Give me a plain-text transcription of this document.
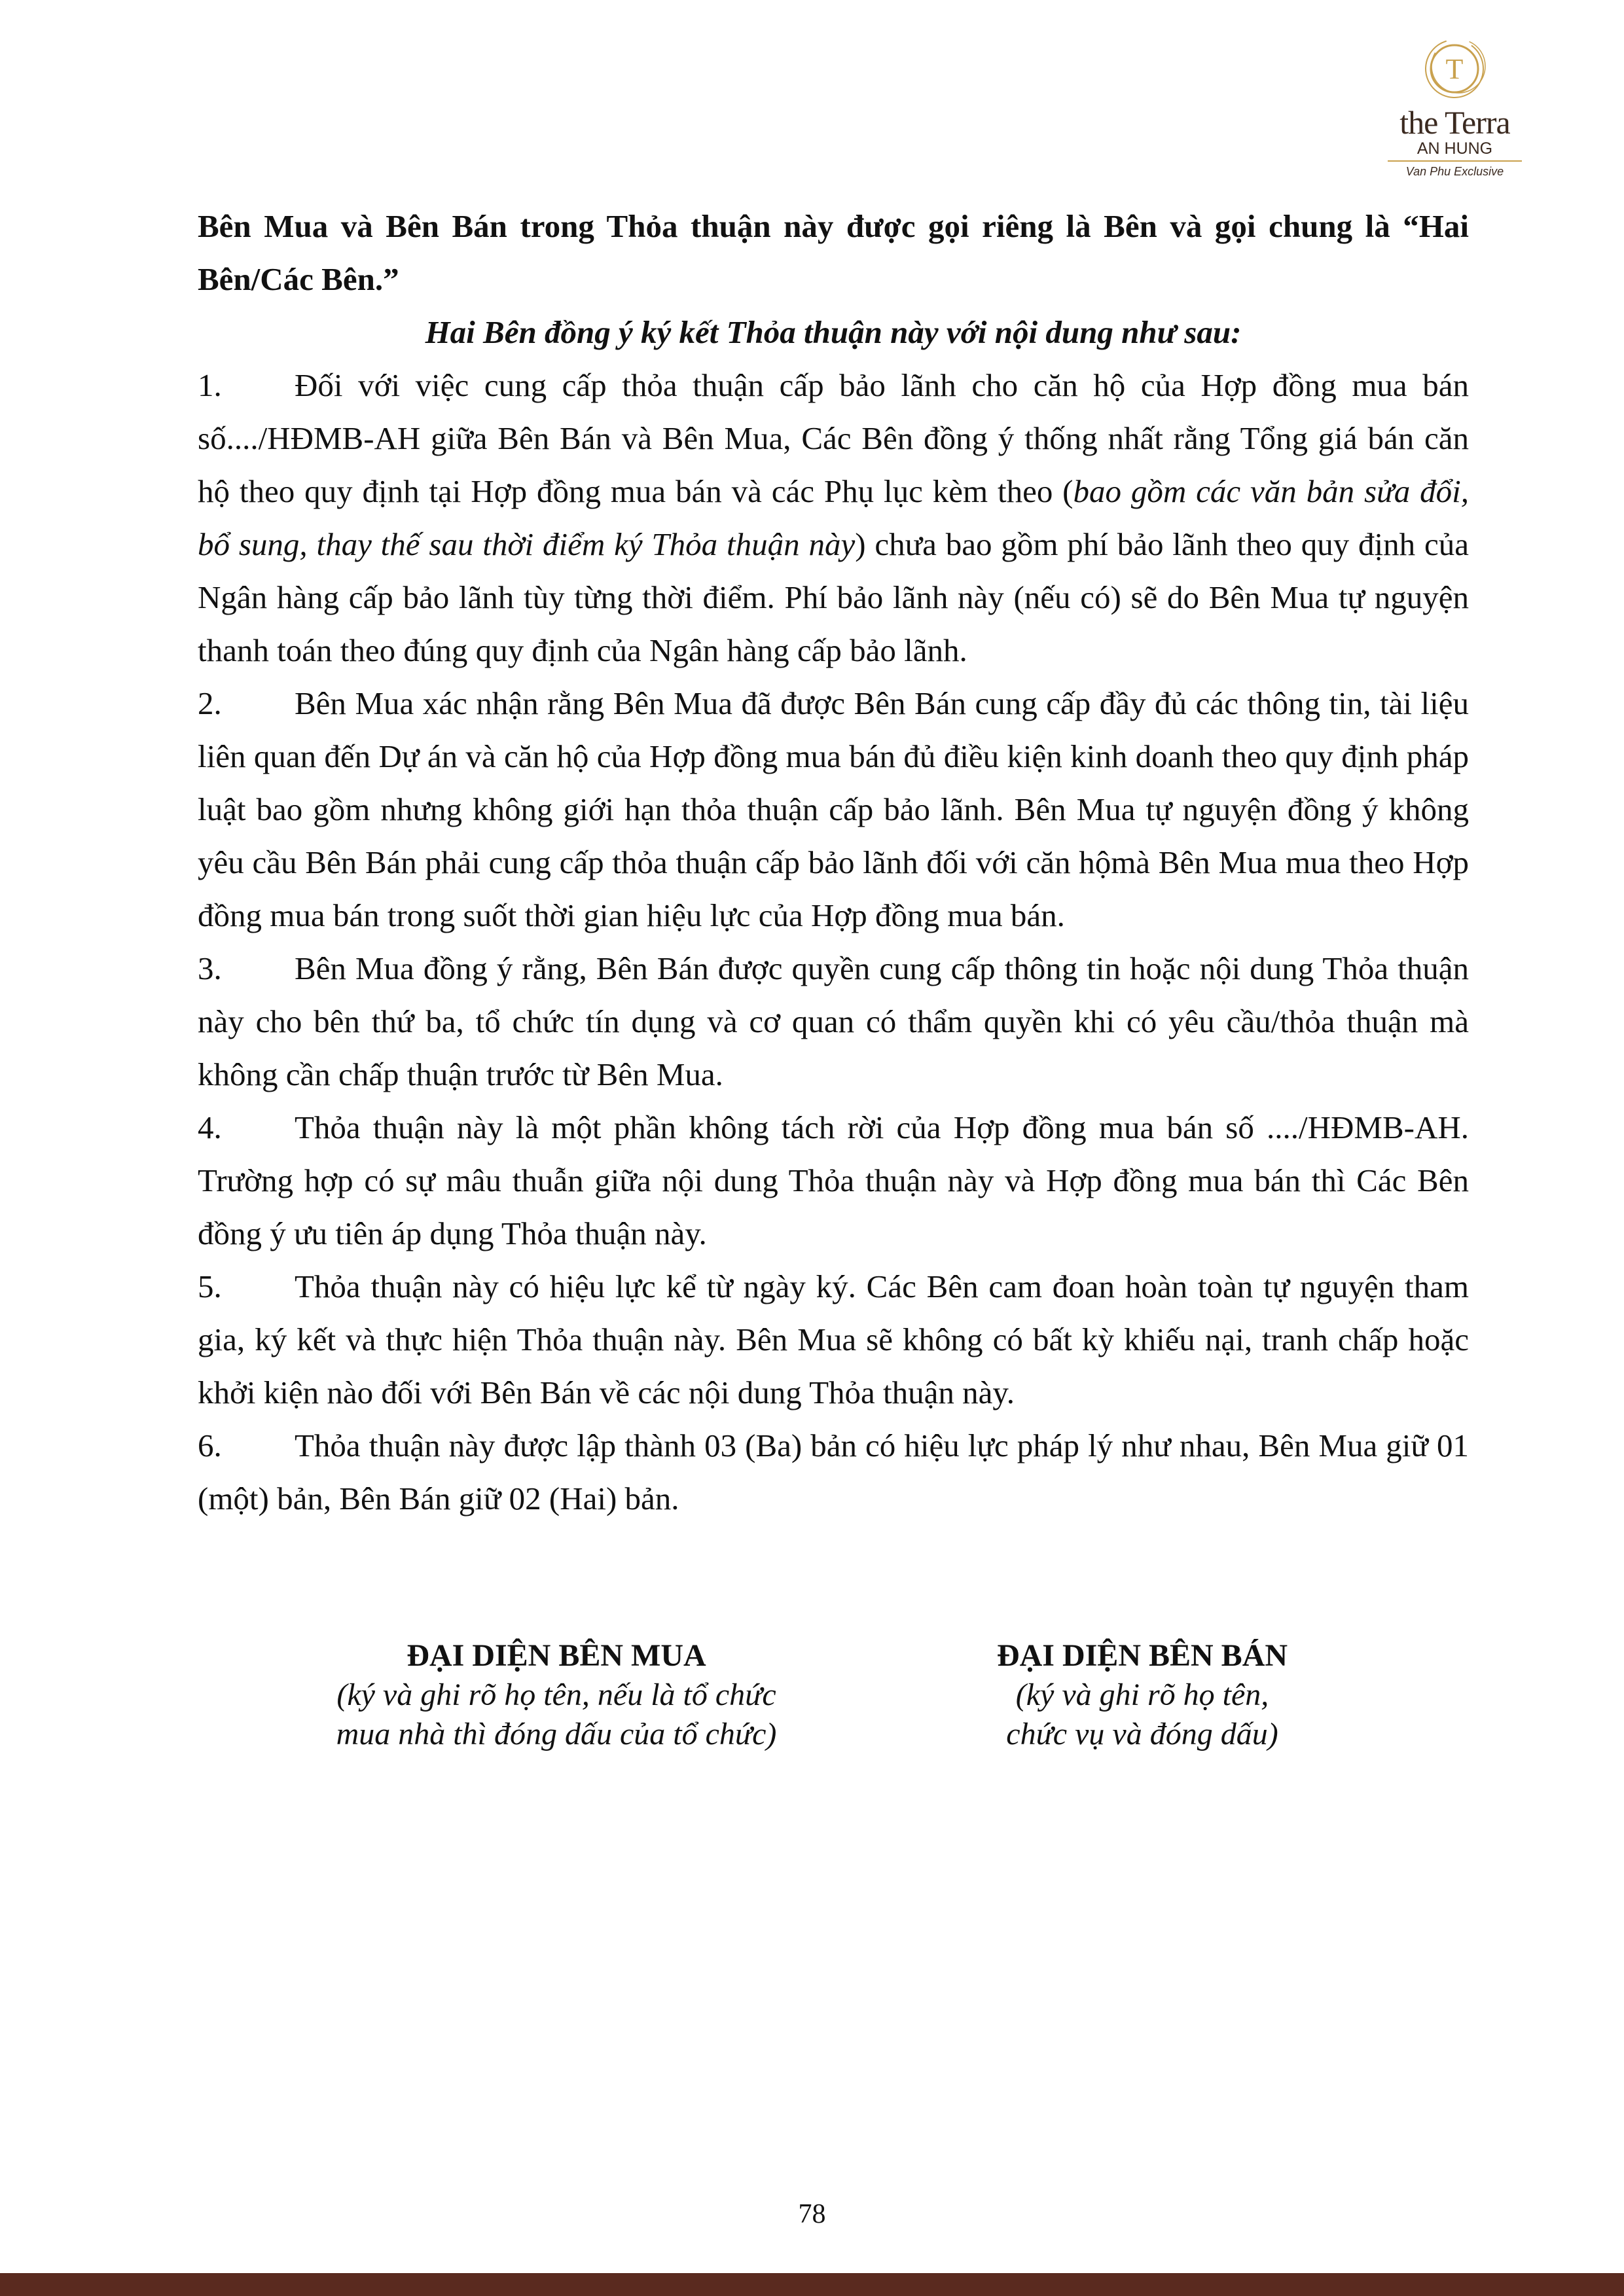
T
the Terra
AN HUNG
Van Phu Exclusive

Bên Mua và Bên Bán trong Thỏa thuận này được gọi riêng là Bên và gọi chung là “Hai Bên/Các Bên.”

Hai Bên đồng ý ký kết Thỏa thuận này với nội dung như sau:

1. Đối với việc cung cấp thỏa thuận cấp bảo lãnh cho căn hộ của Hợp đồng mua bán số..../HĐMB-AH giữa Bên Bán và Bên Mua, Các Bên đồng ý thống nhất rằng Tổng giá bán căn hộ theo quy định tại Hợp đồng mua bán và các Phụ lục kèm theo (bao gồm các văn bản sửa đổi, bổ sung, thay thế sau thời điểm ký Thỏa thuận này) chưa bao gồm phí bảo lãnh theo quy định của Ngân hàng cấp bảo lãnh tùy từng thời điểm. Phí bảo lãnh này (nếu có) sẽ do Bên Mua tự nguyện thanh toán theo đúng quy định của Ngân hàng cấp bảo lãnh.

2. Bên Mua xác nhận rằng Bên Mua đã được Bên Bán cung cấp đầy đủ các thông tin, tài liệu liên quan đến Dự án và căn hộ của Hợp đồng mua bán đủ điều kiện kinh doanh theo quy định pháp luật bao gồm nhưng không giới hạn thỏa thuận cấp bảo lãnh. Bên Mua tự nguyện đồng ý không yêu cầu Bên Bán phải cung cấp thỏa thuận cấp bảo lãnh đối với căn hộmà Bên Mua mua theo Hợp đồng mua bán trong suốt thời gian hiệu lực của Hợp đồng mua bán.

3. Bên Mua đồng ý rằng, Bên Bán được quyền cung cấp thông tin hoặc nội dung Thỏa thuận này cho bên thứ ba, tổ chức tín dụng và cơ quan có thẩm quyền khi có yêu cầu/thỏa thuận mà không cần chấp thuận trước từ Bên Mua.

4. Thỏa thuận này là một phần không tách rời của Hợp đồng mua bán số ..../HĐMB-AH. Trường hợp có sự mâu thuẫn giữa nội dung Thỏa thuận này và Hợp đồng mua bán thì Các Bên đồng ý ưu tiên áp dụng Thỏa thuận này.

5. Thỏa thuận này có hiệu lực kể từ ngày ký. Các Bên cam đoan hoàn toàn tự nguyện tham gia, ký kết và thực hiện Thỏa thuận này. Bên Mua sẽ không có bất kỳ khiếu nại, tranh chấp hoặc khởi kiện nào đối với Bên Bán về các nội dung Thỏa thuận này.

6. Thỏa thuận này được lập thành 03 (Ba) bản có hiệu lực pháp lý như nhau, Bên Mua giữ 01 (một) bản, Bên Bán giữ 02 (Hai) bản.

ĐẠI DIỆN BÊN MUA
(ký và ghi rõ họ tên, nếu là tổ chức
mua nhà thì đóng dấu của tổ chức)
ĐẠI DIỆN BÊN BÁN
(ký và ghi rõ họ tên,
chức vụ và đóng dấu)
78
